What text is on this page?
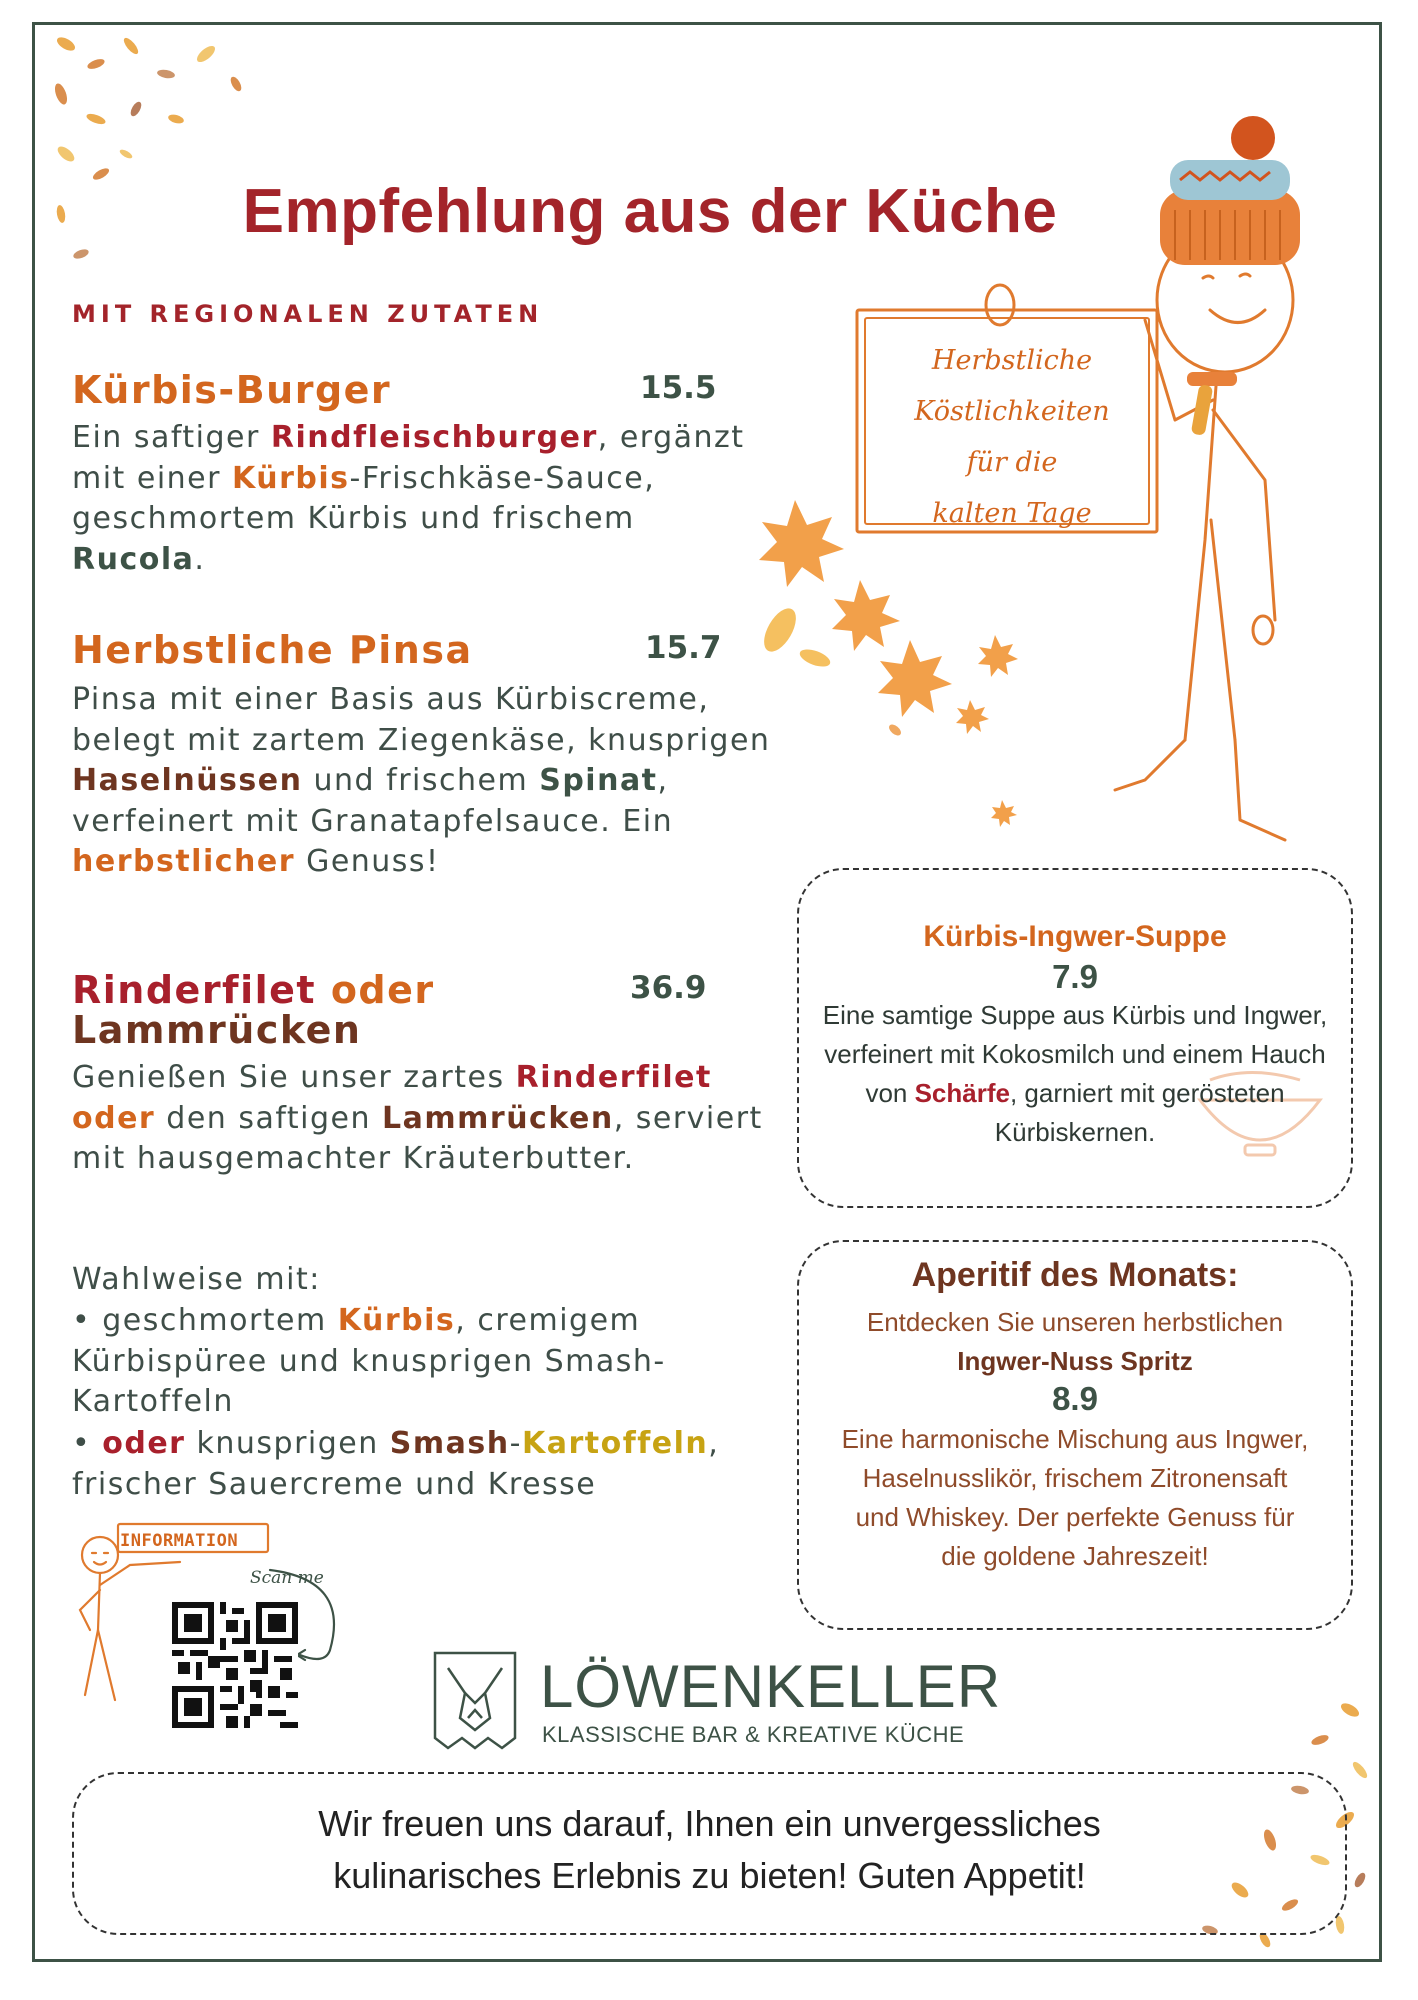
Empfehlung aus der Küche
MIT REGIONALEN ZUTATEN
Kürbis-Burger	15.5
Ein saftiger Rindfleischburger, ergänzt mit einer Kürbis-Frischkäse-Sauce, geschmortem Kürbis und frischem Rucola.
Herbstliche Pinsa	15.7
Pinsa mit einer Basis aus Kürbiscreme, belegt mit zartem Ziegenkäse, knusprigen Haselnüssen und frischem Spinat, verfeinert mit Granatapfelsauce. Ein herbstlicher Genuss!
Rinderfilet oder
Lammrücken
36.9
Genießen Sie unser zartes Rinderfilet oder den saftigen Lammrücken, serviert mit hausgemachter Kräuterbutter.
Wahlweise mit:
• geschmortem Kürbis, cremigem Kürbispüree und knusprigen Smash-Kartoffeln
• oder knusprigen Smash-Kartoffeln, frischer Sauercreme und Kresse
Herbstliche
Köstlichkeiten
für die
kalten Tage
Kürbis-Ingwer-Suppe
7.9
Eine samtige Suppe aus Kürbis und Ingwer, verfeinert mit Kokosmilch und einem Hauch von Schärfe, garniert mit gerösteten Kürbiskernen.
Aperitif des Monats:
Entdecken Sie unseren herbstlichen
Ingwer-Nuss Spritz
8.9
Eine harmonische Mischung aus Ingwer, Haselnusslikör, frischem Zitronensaft und Whiskey. Der perfekte Genuss für die goldene Jahreszeit!
INFORMATION
Scan me
LÖWENKELLER
KLASSISCHE BAR & KREATIVE KÜCHE
Wir freuen uns darauf, Ihnen ein unvergessliches
kulinarisches Erlebnis zu bieten! Guten Appetit!
